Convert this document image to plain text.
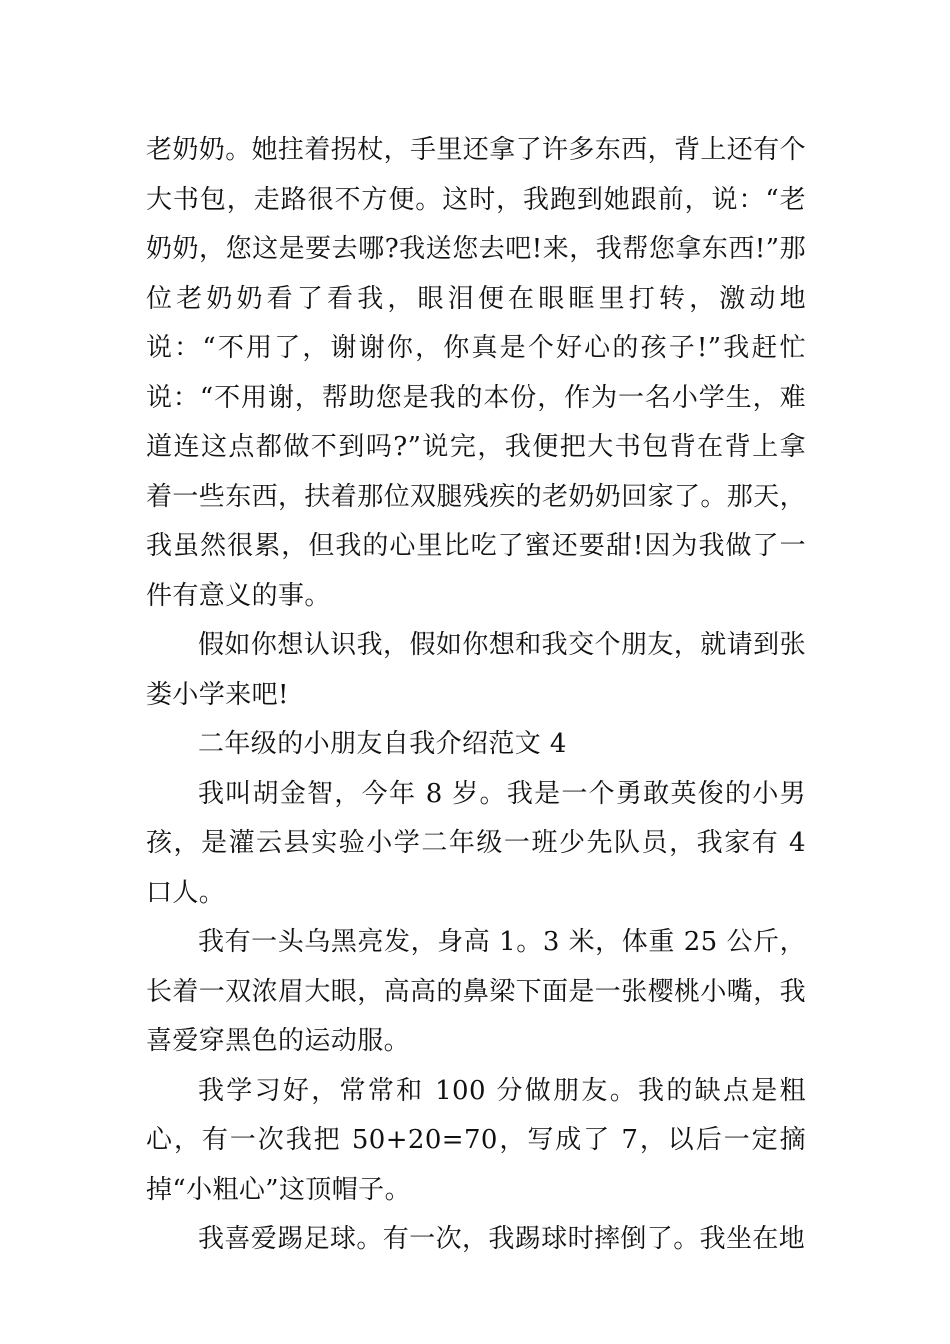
老奶奶。她拄着拐杖，手里还拿了许多东西，背上还有个大书包，走路很不方便。这时，我跑到她跟前，说：“老奶奶，您这是要去哪?我送您去吧!来，我帮您拿东西!”那位老奶奶看了看我，眼泪便在眼眶里打转，激动地说：“不用了，谢谢你，你真是个好心的孩子!”我赶忙说：“不用谢，帮助您是我的本份，作为一名小学生，难道连这点都做不到吗?”说完，我便把大书包背在背上拿着一些东西，扶着那位双腿残疾的老奶奶回家了。那天，我虽然很累，但我的心里比吃了蜜还要甜!因为我做了一件有意义的事。

假如你想认识我，假如你想和我交个朋友，就请到张娄小学来吧!

二年级的小朋友自我介绍范文 4

我叫胡金智，今年 8 岁。我是一个勇敢英俊的小男孩，是灌云县实验小学二年级一班少先队员，我家有 4 口人。

我有一头乌黑亮发，身高 1。3 米，体重 25 公斤，长着一双浓眉大眼，高高的鼻梁下面是一张樱桃小嘴，我喜爱穿黑色的运动服。

我学习好，常常和 100 分做朋友。我的缺点是粗心，有一次我把 50+20=70，写成了 7，以后一定摘掉“小粗心”这顶帽子。

我喜爱踢足球。有一次，我踢球时摔倒了。我坐在地
